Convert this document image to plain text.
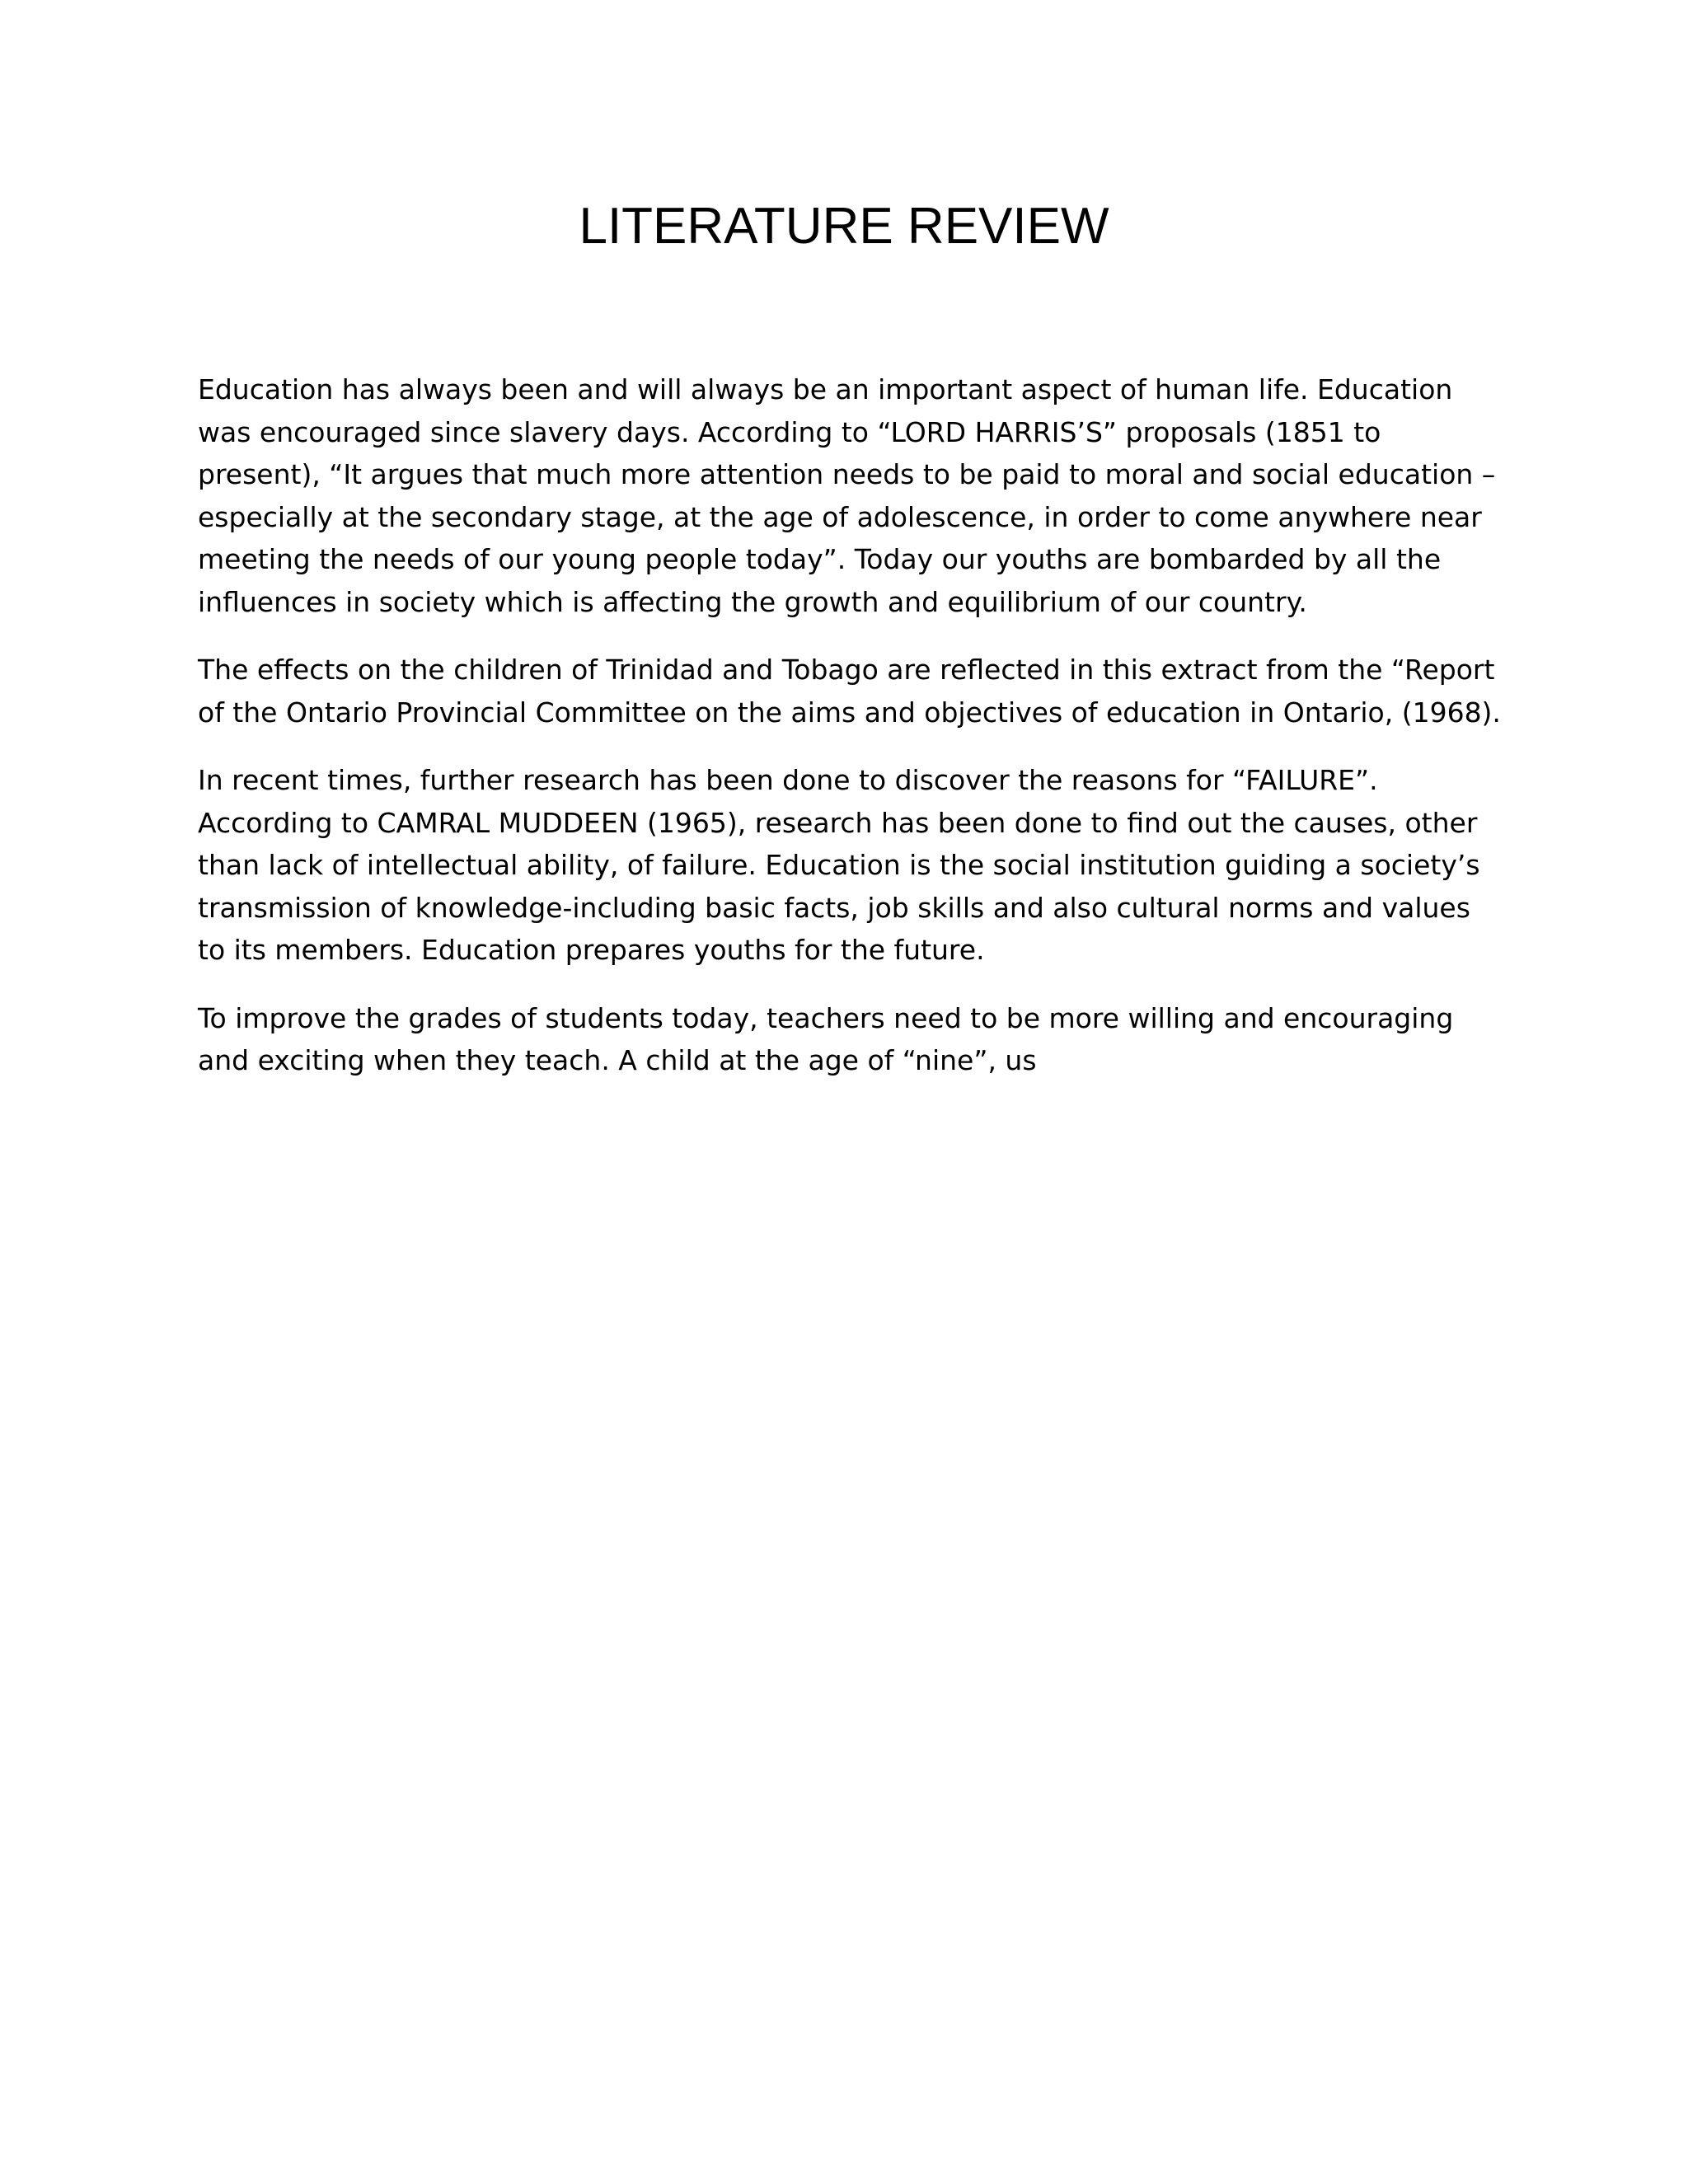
LITERATURE REVIEW

Education has always been and will always be an important aspect of human life. Education was encouraged since slavery days. According to “LORD HARRIS’S” proposals (1851 to present), “It argues that much more attention needs to be paid to moral and social education –especially at the secondary stage, at the age of adolescence, in order to come anywhere near meeting the needs of our young people today”. Today our youths are bombarded by all the influences in society which is affecting the growth and equilibrium of our country.

The effects on the children of Trinidad and Tobago are reflected in this extract from the “Report of the Ontario Provincial Committee on the aims and objectives of education in Ontario, (1968).

In recent times, further research has been done to discover the reasons for “FAILURE”. According to CAMRAL MUDDEEN (1965), research has been done to find out the causes, other than lack of intellectual ability, of failure. Education is the social institution guiding a society’s transmission of knowledge-including basic facts, job skills and also cultural norms and values to its members. Education prepares youths for the future.

To improve the grades of students today, teachers need to be more willing and encouraging and exciting when they teach. A child at the age of “nine”, us
